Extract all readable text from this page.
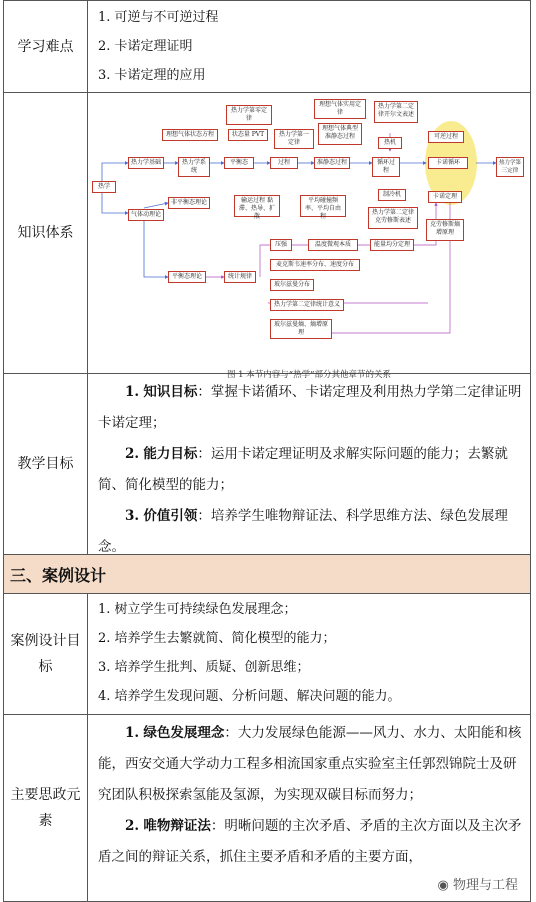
学习难点
1. 可逆与不可逆过程
2. 卡诺定理证明
3. 卡诺定理的应用
知识体系
热学
热力学基础	热力学系统
平衡态	过程	准静态过程	循环过程
可逆过程
卡诺循环	热力学第三定律
热力学第零定律
状态量 PVT
理想气体状态方程	热力学第一定律
理想气体实用定律
理想气体典型准静态过程
热力学第二定律开尔文表述
热机
制冷机	卡诺定理
热力学第二定律克劳修斯表述
克劳修斯熵增原理
气体动理论
非平衡态理论	输运过程 黏滞、热导、扩散
平均碰撞频率、平均自由程
平衡态理论	统计规律
压强	温度微观本质	能量均分定理
麦克斯韦速率分布、速度分布
玻尔兹曼分布
热力学第二定律统计意义
玻尔兹曼熵、熵增原理
图 1 本节内容与“热学”部分其他章节的关系
教学目标

1. 知识目标：掌握卡诺循环、卡诺定理及利用热力学第二定律证明卡诺定理；

2. 能力目标：运用卡诺定理证明及求解实际问题的能力；去繁就简、简化模型的能力；

3. 价值引领：培养学生唯物辩证法、科学思维方法、绿色发展理念。

三、案例设计
案例设计目标
1. 树立学生可持续绿色发展理念；
2. 培养学生去繁就简、简化模型的能力；
3. 培养学生批判、质疑、创新思维；
4. 培养学生发现问题、分析问题、解决问题的能力。
主要思政元素

1. 绿色发展理念：大力发展绿色能源——风力、水力、太阳能和核能，西安交通大学动力工程多相流国家重点实验室主任郭烈锦院士及研究团队积极探索氢能及氢源，为实现双碳目标而努力；

2. 唯物辩证法：明晰问题的主次矛盾、矛盾的主次方面以及主次矛盾之间的辩证关系，抓住主要矛盾和矛盾的主要方面，

◉ 物理与工程
